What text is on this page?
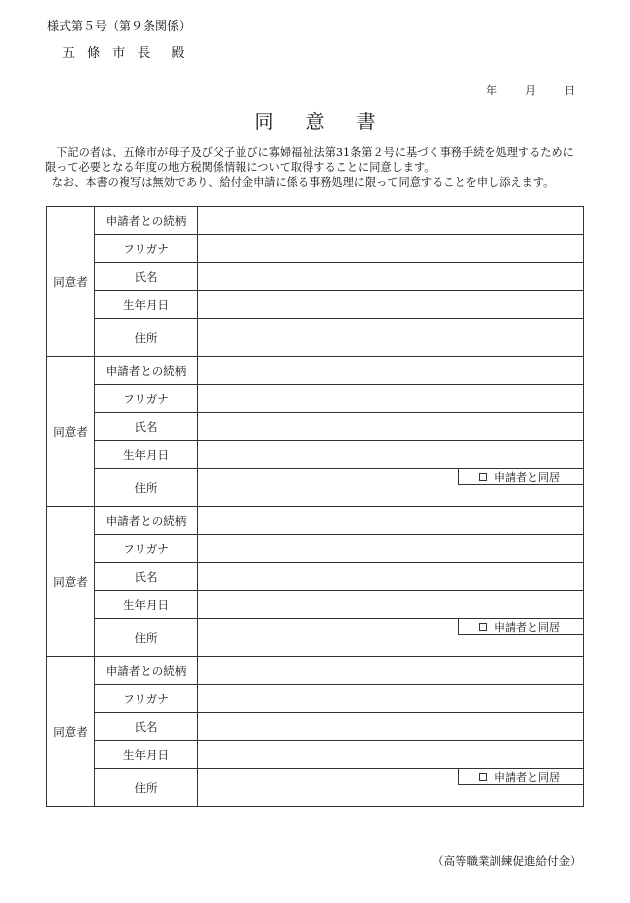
様式第５号（第９条関係）
五 條 市 長　殿
年	月	日
同 意 書

下記の者は、五條市が母子及び父子並びに寡婦福祉法第31条第２号に基づく事務手続を処理するために限って必要となる年度の地方税関係情報について取得することに同意します。

なお、本書の複写は無効であり、給付金申請に係る事務処理に限って同意することを申し添えます。

同意者	申請者との続柄	
	フリガナ	
	氏名	
	生年月日	
	住所	
同意者	申請者との続柄	
	フリガナ	
	氏名	
	生年月日	
	住所	申請者と同居
同意者	申請者との続柄	
	フリガナ	
	氏名	
	生年月日	
	住所	申請者と同居
同意者	申請者との続柄	
	フリガナ	
	氏名	
	生年月日	
	住所	申請者と同居
（高等職業訓練促進給付金）
